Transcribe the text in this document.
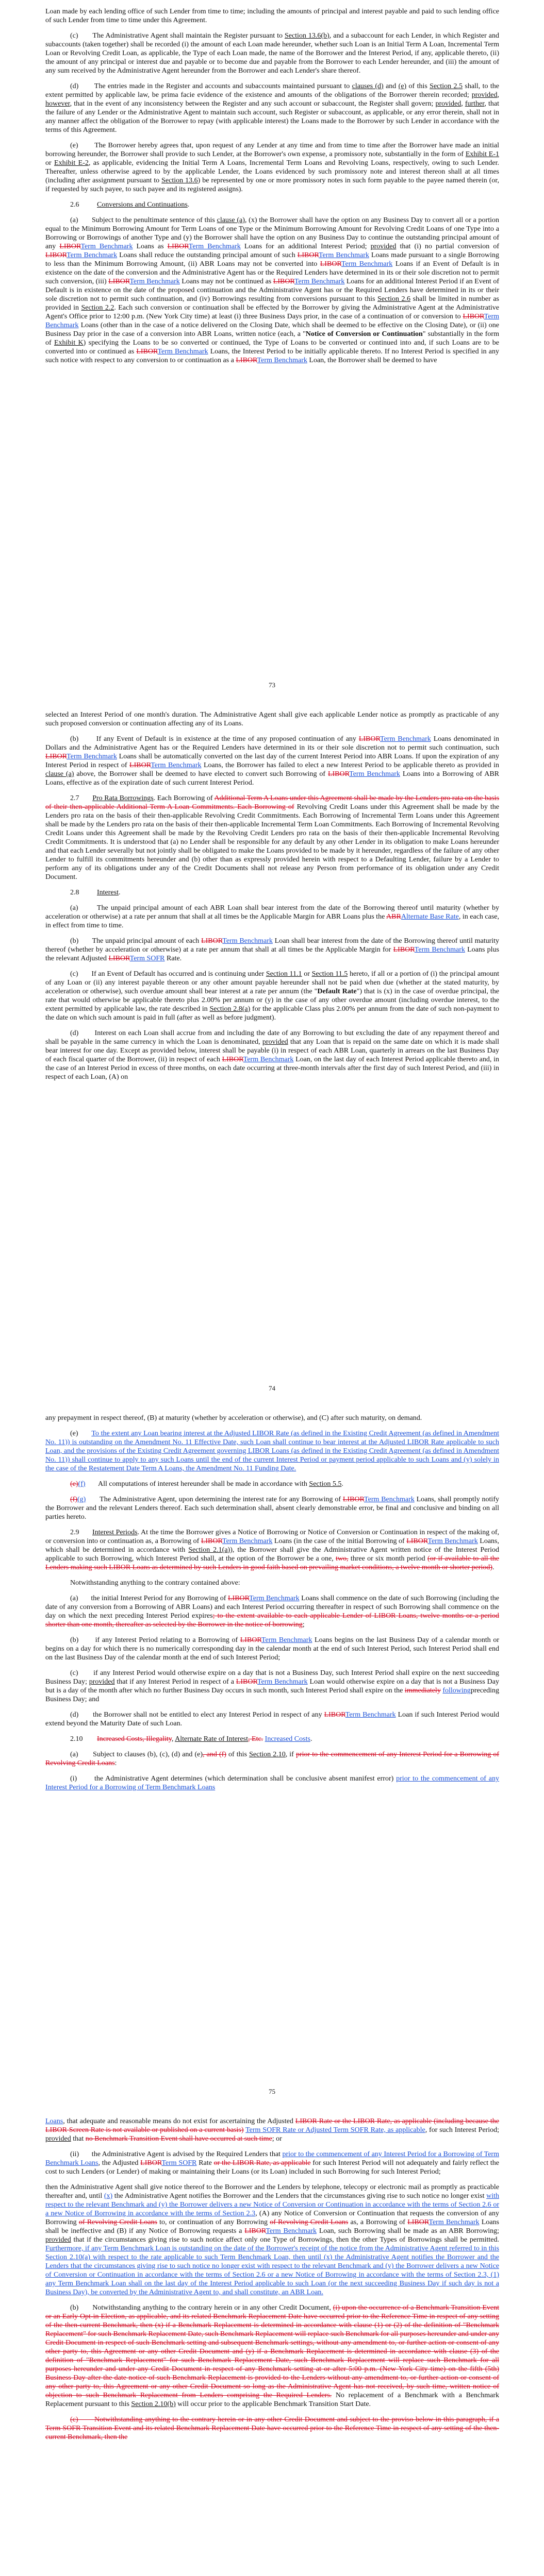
Loan made by each lending office of such Lender from time to time; including the amounts of principal and interest payable and paid to such lending office of such Lender from time to time under this Agreement.

(c)       The Administrative Agent shall maintain the Register pursuant to Section 13.6(b), and a subaccount for each Lender, in which Register and subaccounts (taken together) shall be recorded (i) the amount of each Loan made hereunder, whether such Loan is an Initial Term A Loan, Incremental Term Loan or Revolving Credit Loan, as applicable, the Type of each Loan made, the name of the Borrower and the Interest Period, if any, applicable thereto, (ii) the amount of any principal or interest due and payable or to become due and payable from the Borrower to each Lender hereunder, and (iii) the amount of any sum received by the Administrative Agent hereunder from the Borrower and each Lender's share thereof.

(d)       The entries made in the Register and accounts and subaccounts maintained pursuant to clauses (d) and (e) of this Section 2.5 shall, to the extent permitted by applicable law, be prima facie evidence of the existence and amounts of the obligations of the Borrower therein recorded; provided, however, that in the event of any inconsistency between the Register and any such account or subaccount, the Register shall govern; provided, further, that the failure of any Lender or the Administrative Agent to maintain such account, such Register or subaccount, as applicable, or any error therein, shall not in any manner affect the obligation of the Borrower to repay (with applicable interest) the Loans made to the Borrower by such Lender in accordance with the terms of this Agreement.

(e)       The Borrower hereby agrees that, upon request of any Lender at any time and from time to time after the Borrower have made an initial borrowing hereunder, the Borrower shall provide to such Lender, at the Borrower's own expense, a promissory note, substantially in the form of Exhibit E-1 or Exhibit E-2, as applicable, evidencing the Initial Term A Loans, Incremental Term Loans and Revolving Loans, respectively, owing to such Lender. Thereafter, unless otherwise agreed to by the applicable Lender, the Loans evidenced by such promissory note and interest thereon shall at all times (including after assignment pursuant to Section 13.6) be represented by one or more promissory notes in such form payable to the payee named therein (or, if requested by such payee, to such payee and its registered assigns).

2.6 Conversions and Continuations.

(a)       Subject to the penultimate sentence of this clause (a), (x) the Borrower shall have the option on any Business Day to convert all or a portion equal to the Minimum Borrowing Amount for Term Loans of one Type or the Minimum Borrowing Amount for Revolving Credit Loans of one Type into a Borrowing or Borrowings of another Type and (y) the Borrower shall have the option on any Business Day to continue the outstanding principal amount of any LIBORTerm Benchmark Loans as LIBORTerm Benchmark Loans for an additional Interest Period; provided that (i) no partial conversion of LIBORTerm Benchmark Loans shall reduce the outstanding principal amount of such LIBORTerm Benchmark Loans made pursuant to a single Borrowing to less than the Minimum Borrowing Amount, (ii) ABR Loans may not be converted into LIBORTerm Benchmark Loans if an Event of Default is in existence on the date of the conversion and the Administrative Agent has or the Required Lenders have determined in its or their sole discretion not to permit such conversion, (iii) LIBORTerm Benchmark Loans may not be continued as LIBORTerm Benchmark Loans for an additional Interest Period if an Event of Default is in existence on the date of the proposed continuation and the Administrative Agent has or the Required Lenders have determined in its or their sole discretion not to permit such continuation, and (iv) Borrowings resulting from conversions pursuant to this Section 2.6 shall be limited in number as provided in Section 2.2. Each such conversion or continuation shall be effected by the Borrower by giving the Administrative Agent at the Administrative Agent's Office prior to 12:00 p.m. (New York City time) at least (i) three Business Days prior, in the case of a continuation of or conversion to LIBORTerm Benchmark Loans (other than in the case of a notice delivered on the Closing Date, which shall be deemed to be effective on the Closing Date), or (ii) one Business Day prior in the case of a conversion into ABR Loans, written notice (each, a "Notice of Conversion or Continuation" substantially in the form of Exhibit K) specifying the Loans to be so converted or continued, the Type of Loans to be converted or continued into and, if such Loans are to be converted into or continued as LIBORTerm Benchmark Loans, the Interest Period to be initially applicable thereto. If no Interest Period is specified in any such notice with respect to any conversion to or continuation as a LIBORTerm Benchmark Loan, the Borrower shall be deemed to have

73

selected an Interest Period of one month's duration. The Administrative Agent shall give each applicable Lender notice as promptly as practicable of any such proposed conversion or continuation affecting any of its Loans.

(b)       If any Event of Default is in existence at the time of any proposed continuation of any LIBORTerm Benchmark Loans denominated in Dollars and the Administrative Agent has or the Required Lenders have determined in its or their sole discretion not to permit such continuation, such LIBORTerm Benchmark Loans shall be automatically converted on the last day of the current Interest Period into ABR Loans. If upon the expiration of any Interest Period in respect of LIBORTerm Benchmark Loans, the Borrower has failed to elect a new Interest Period to be applicable thereto as provided in clause (a) above, the Borrower shall be deemed to have elected to convert such Borrowing of LIBORTerm Benchmark Loans into a Borrowing of ABR Loans, effective as of the expiration date of such current Interest Period.

2.7       Pro Rata Borrowings. Each Borrowing of Additional Term A Loans under this Agreement shall be made by the Lenders pro rata on the basis of their then-applicable Additional Term A Loan Commitments. Each Borrowing of Revolving Credit Loans under this Agreement shall be made by the Lenders pro rata on the basis of their then-applicable Revolving Credit Commitments. Each Borrowing of Incremental Term Loans under this Agreement shall be made by the Lenders pro rata on the basis of their then-applicable Incremental Term Loan Commitments. Each Borrowing of Incremental Revolving Credit Loans under this Agreement shall be made by the Revolving Credit Lenders pro rata on the basis of their then-applicable Incremental Revolving Credit Commitments. It is understood that (a) no Lender shall be responsible for any default by any other Lender in its obligation to make Loans hereunder and that each Lender severally but not jointly shall be obligated to make the Loans provided to be made by it hereunder, regardless of the failure of any other Lender to fulfill its commitments hereunder and (b) other than as expressly provided herein with respect to a Defaulting Lender, failure by a Lender to perform any of its obligations under any of the Credit Documents shall not release any Person from performance of its obligation under any Credit Document.

2.8 Interest.

(a)       The unpaid principal amount of each ABR Loan shall bear interest from the date of the Borrowing thereof until maturity (whether by acceleration or otherwise) at a rate per annum that shall at all times be the Applicable Margin for ABR Loans plus the ABRAlternate Base Rate, in each case, in effect from time to time.

(b)       The unpaid principal amount of each LIBORTerm Benchmark Loan shall bear interest from the date of the Borrowing thereof until maturity thereof (whether by acceleration or otherwise) at a rate per annum that shall at all times be the Applicable Margin for LIBORTerm Benchmark Loans plus the relevant Adjusted LIBORTerm SOFR Rate.

(c)       If an Event of Default has occurred and is continuing under Section 11.1 or Section 11.5 hereto, if all or a portion of (i) the principal amount of any Loan or (ii) any interest payable thereon or any other amount payable hereunder shall not be paid when due (whether at the stated maturity, by acceleration or otherwise), such overdue amount shall bear interest at a rate per annum (the "Default Rate") that is (x) in the case of overdue principal, the rate that would otherwise be applicable thereto plus 2.00% per annum or (y) in the case of any other overdue amount (including overdue interest, to the extent permitted by applicable law, the rate described in Section 2.8(a) for the applicable Class plus 2.00% per annum from the date of such non-payment to the date on which such amount is paid in full (after as well as before judgment).

(d)       Interest on each Loan shall accrue from and including the date of any Borrowing to but excluding the date of any repayment thereof and shall be payable in the same currency in which the Loan is denominated, provided that any Loan that is repaid on the same date on which it is made shall bear interest for one day. Except as provided below, interest shall be payable (i) in respect of each ABR Loan, quarterly in arrears on the last Business Day of each fiscal quarter of the Borrower, (ii) in respect of each LIBORTerm Benchmark Loan, on the last day of each Interest Period applicable thereto and, in the case of an Interest Period in excess of three months, on each date occurring at three-month intervals after the first day of such Interest Period, and (iii) in respect of each Loan, (A) on

74

any prepayment in respect thereof, (B) at maturity (whether by acceleration or otherwise), and (C) after such maturity, on demand.

(e)       To the extent any Loan bearing interest at the Adjusted LIBOR Rate (as defined in the Existing Credit Agreement (as defined in Amendment No. 11)) is outstanding on the Amendment No. 11 Effective Date, such Loan shall continue to bear interest at the Adjusted LIBOR Rate applicable to such Loan, and the provisions of the Existing Credit Agreement governing LIBOR Loans (as defined in the Existing Credit Agreement (as defined in Amendment No. 11)) shall continue to apply to any such Loans until the end of the current Interest Period or payment period applicable to such Loans and (y) solely in the case of the Restatement Date Term A Loans, the Amendment No. 11 Funding Date.

(e)(f)       All computations of interest hereunder shall be made in accordance with Section 5.5.

(f)(g)       The Administrative Agent, upon determining the interest rate for any Borrowing of LIBORTerm Benchmark Loans, shall promptly notify the Borrower and the relevant Lenders thereof. Each such determination shall, absent clearly demonstrable error, be final and conclusive and binding on all parties hereto.

2.9       Interest Periods. At the time the Borrower gives a Notice of Borrowing or Notice of Conversion or Continuation in respect of the making of, or conversion into or continuation as, a Borrowing of LIBORTerm Benchmark Loans (in the case of the initial Borrowing of LIBORTerm Benchmark Loans, which shall be determined in accordance with Section 2.1(a)), the Borrower shall give the Administrative Agent written notice of the Interest Period applicable to such Borrowing, which Interest Period shall, at the option of the Borrower be a one, two, three or six month period (or if available to all the Lenders making such LIBOR Loans as determined by such Lenders in good faith based on prevailing market conditions, a twelve month or shorter period).

Notwithstanding anything to the contrary contained above:

(a)       the initial Interest Period for any Borrowing of LIBORTerm Benchmark Loans shall commence on the date of such Borrowing (including the date of any conversion from a Borrowing of ABR Loans) and each Interest Period occurring thereafter in respect of such Borrowing shall commence on the day on which the next preceding Interest Period expires; to the extent available to each applicable Lender of LIBOR Loans, twelve months or a period shorter than one month, thereafter as selected by the Borrower in the notice of borrowing;

(b)       if any Interest Period relating to a Borrowing of LIBORTerm Benchmark Loans begins on the last Business Day of a calendar month or begins on a day for which there is no numerically corresponding day in the calendar month at the end of such Interest Period, such Interest Period shall end on the last Business Day of the calendar month at the end of such Interest Period;

(c)       if any Interest Period would otherwise expire on a day that is not a Business Day, such Interest Period shall expire on the next succeeding Business Day; provided that if any Interest Period in respect of a LIBORTerm Benchmark Loan would otherwise expire on a day that is not a Business Day but is a day of the month after which no further Business Day occurs in such month, such Interest Period shall expire on the immediately followingpreceding Business Day; and

(d)       the Borrower shall not be entitled to elect any Interest Period in respect of any LIBORTerm Benchmark Loan if such Interest Period would extend beyond the Maturity Date of such Loan.

2.10 Increased Costs, Illegality, Alternate Rate of Interest, Etc. Increased Costs.

(a)       Subject to clauses (b), (c), (d) and (e), and (f) of this Section 2.10, if prior to the commencement of any Interest Period for a Borrowing of Revolving Credit Loans:

(i)       the Administrative Agent determines (which determination shall be conclusive absent manifest error) prior to the commencement of any Interest Period for a Borrowing of Term Benchmark Loans

75

Loans, that adequate and reasonable means do not exist for ascertaining the Adjusted LIBOR Rate or the LIBOR Rate, as applicable (including because the LIBOR Screen Rate is not available or published on a current basis) Term SOFR Rate or Adjusted Term SOFR Rate, as applicable, for such Interest Period; provided that no Benchmark Transition Event shall have occurred at such time; or

(ii)       the Administrative Agent is advised by the Required Lenders that prior to the commencement of any Interest Period for a Borrowing of Term Benchmark Loans, the Adjusted LIBORTerm SOFR Rate or the LIBOR Rate, as applicable for such Interest Period will not adequately and fairly reflect the cost to such Lenders (or Lender) of making or maintaining their Loans (or its Loan) included in such Borrowing for such Interest Period;

then the Administrative Agent shall give notice thereof to the Borrower and the Lenders by telephone, telecopy or electronic mail as promptly as practicable thereafter and, until (x) the Administrative Agent notifies the Borrower and the Lenders that the circumstances giving rise to such notice no longer exist with respect to the relevant Benchmark and (y) the Borrower delivers a new Notice of Conversion or Continuation in accordance with the terms of Section 2.6 or a new Notice of Borrowing in accordance with the terms of Section 2.3, (A) any Notice of Conversion or Continuation that requests the conversion of any Borrowing of Revolving Credit Loans to, or continuation of any Borrowing of Revolving Credit Loans as, a Borrowing of LIBORTerm Benchmark Loans shall be ineffective and (B) if any Notice of Borrowing requests a LIBORTerm Benchmark Loan, such Borrowing shall be made as an ABR Borrowing; provided that if the circumstances giving rise to such notice affect only one Type of Borrowings, then the other Types of Borrowings shall be permitted. Furthermore, if any Term Benchmark Loan is outstanding on the date of the Borrower's receipt of the notice from the Administrative Agent referred to in this Section 2.10(a) with respect to the rate applicable to such Term Benchmark Loan, then until (x) the Administrative Agent notifies the Borrower and the Lenders that the circumstances giving rise to such notice no longer exist with respect to the relevant Benchmark and (y) the Borrower delivers a new Notice of Conversion or Continuation in accordance with the terms of Section 2.6 or a new Notice of Borrowing in accordance with the terms of Section 2.3, (1) any Term Benchmark Loan shall on the last day of the Interest Period applicable to such Loan (or the next succeeding Business Day if such day is not a Business Day), be converted by the Administrative Agent to, and shall constitute, an ABR Loan.

(b)       Notwithstanding anything to the contrary herein or in any other Credit Document, (i) upon the occurrence of a Benchmark Transition Event or an Early Opt-in Election, as applicable, and its related Benchmark Replacement Date have occurred prior to the Reference Time in respect of any setting of the then-current Benchmark, then (x) if a Benchmark Replacement is determined in accordance with clause (1) or (2) of the definition of "Benchmark Replacement" for such Benchmark Replacement Date, such Benchmark Replacement will replace such Benchmark for all purposes hereunder and under any Credit Document in respect of such Benchmark setting and subsequent Benchmark settings, without any amendment to, or further action or consent of any other party to, this Agreement or any other Credit Document and (y) if a Benchmark Replacement is determined in accordance with clause (3) of the definition of "Benchmark Replacement" for such Benchmark Replacement Date, such Benchmark Replacement will replace such Benchmark for all purposes hereunder and under any Credit Document in respect of any Benchmark setting at or after 5:00 p.m. (New York City time) on the fifth (5th) Business Day after the date notice of such Benchmark Replacement is provided to the Lenders without any amendment to, or further action or consent of any other party to, this Agreement or any other Credit Document so long as the Administrative Agent has not received, by such time, written notice of objection to such Benchmark Replacement from Lenders comprising the Required Lenders. No replacement of a Benchmark with a Benchmark Replacement pursuant to this Section 2.10(b) will occur prior to the applicable Benchmark Transition Start Date.

(c)       Notwithstanding anything to the contrary herein or in any other Credit Document and subject to the proviso below in this paragraph, if a Term SOFR Transition Event and its related Benchmark Replacement Date have occurred prior to the Reference Time in respect of any setting of the then-current Benchmark, then the
